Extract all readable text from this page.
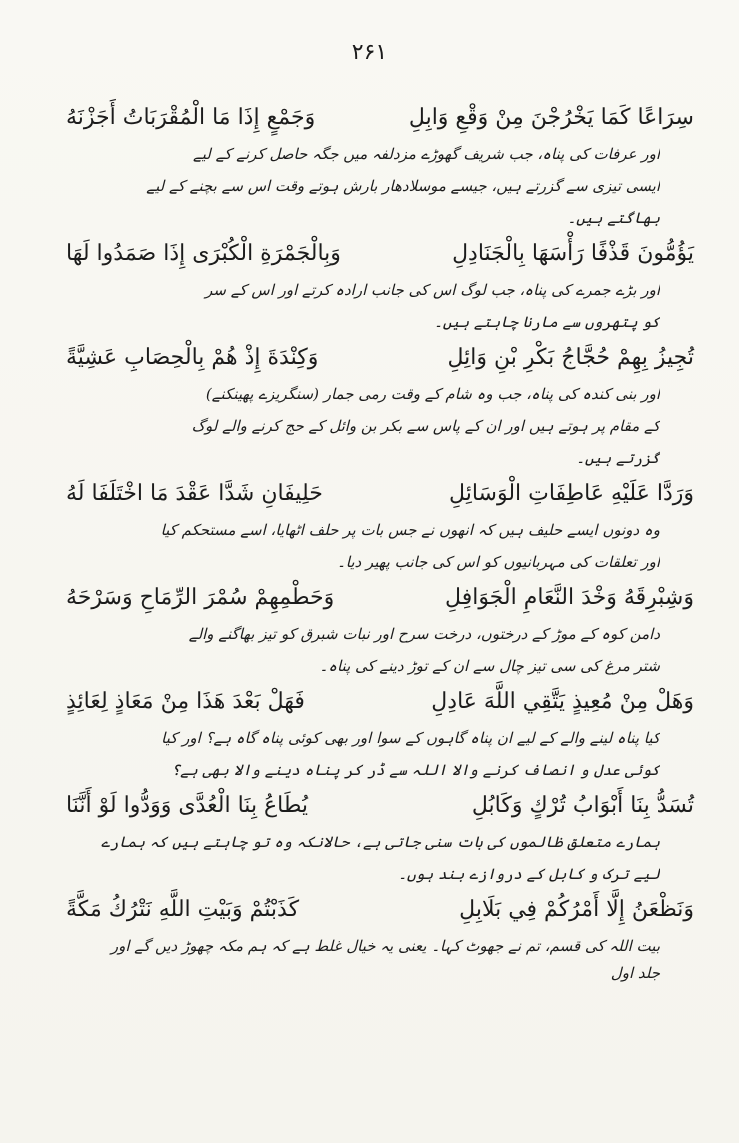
۲۶۱
وَجَمْعٍ إِذَا مَا الْمُقْرَبَاتُ أَجَزْنَهُ	سِرَاعًا كَمَا يَخْرُجْنَ مِنْ وَقْعِ وَابِلِ
اور عرفات کی پناہ، جب شریف گھوڑے مزدلفہ میں جگہ حاصل کرنے کے لیے
ایسی تیزی سے گزرتے ہیں، جیسے موسلادھار بارش ہوتے وقت اس سے بچنے کے لیے
بھاگتے ہیں۔
وَبِالْجَمْرَةِ الْكُبْرَى إِذَا صَمَدُوا لَهَا	يَؤُمُّونَ قَذْفًا رَأْسَهَا بِالْجَنَادِلِ
اور بڑے جمرے کی پناہ، جب لوگ اس کی جانب ارادہ کرتے اور اس کے سر
کو پتھروں سے مارنا چاہتے ہیں۔
وَكِنْدَةَ إِذْ هُمْ بِالْحِصَابِ عَشِيَّةً	تُجِيزُ بِهِمْ حُجَّاجُ بَكْرِ بْنِ وَائِلِ
اور بنی کندہ کی پناہ، جب وہ شام کے وقت رمی جمار (سنگریزے پھینکنے)
کے مقام پر ہوتے ہیں اور ان کے پاس سے بکر بن وائل کے حج کرنے والے لوگ
گزرتے ہیں۔
حَلِيفَانِ شَدَّا عَقْدَ مَا اخْتَلَفَا لَهُ	وَرَدَّا عَلَيْهِ عَاطِفَاتِ الْوَسَائِلِ
وہ دونوں ایسے حلیف ہیں کہ انھوں نے جس بات پر حلف اٹھایا، اسے مستحکم کیا
اور تعلقات کی مہربانیوں کو اس کی جانب پھیر دیا۔
وَحَطْمِهِمْ سُمْرَ الرِّمَاحِ وَسَرْحَهُ	وَشِبْرِقَهُ وَخْدَ النَّعَامِ الْجَوَافِلِ
دامن کوہ کے موڑ کے درختوں، درخت سرح اور نبات شبرق کو تیز بھاگنے والے
شتر مرغ کی سی تیز چال سے ان کے توڑ دینے کی پناہ۔
فَهَلْ بَعْدَ هَذَا مِنْ مَعَاذٍ لِعَائِذٍ	وَهَلْ مِنْ مُعِيذٍ يَتَّقِي اللَّهَ عَادِلِ
کیا پناہ لینے والے کے لیے ان پناہ گاہوں کے سوا اور بھی کوئی پناہ گاہ ہے؟ اور کیا
کوئی عدل و انصاف کرنے والا اللہ سے ڈر کر پناہ دینے والا بھی ہے؟
يُطَاعُ بِنَا الْعُدَّى وَوَدُّوا لَوْ أَنَّنَا	تُسَدُّ بِنَا أَبْوَابُ تُرْكٍ وَكَابُلِ
ہمارے متعلق ظالموں کی بات سنی جاتی ہے، حالانکہ وہ تو چاہتے ہیں کہ ہمارے
لیے ترک و کابل کے دروازے بند ہوں۔
كَذَبْتُمْ وَبَيْتِ اللَّهِ نَتْرُكُ مَكَّةً	وَنَظْعَنُ إِلَّا أَمْرُكُمْ فِي بَلَابِلِ
بیت اللہ کی قسم، تم نے جھوٹ کہا۔ یعنی یہ خیال غلط ہے کہ ہم مکہ چھوڑ دیں گے اور
جلد اول
